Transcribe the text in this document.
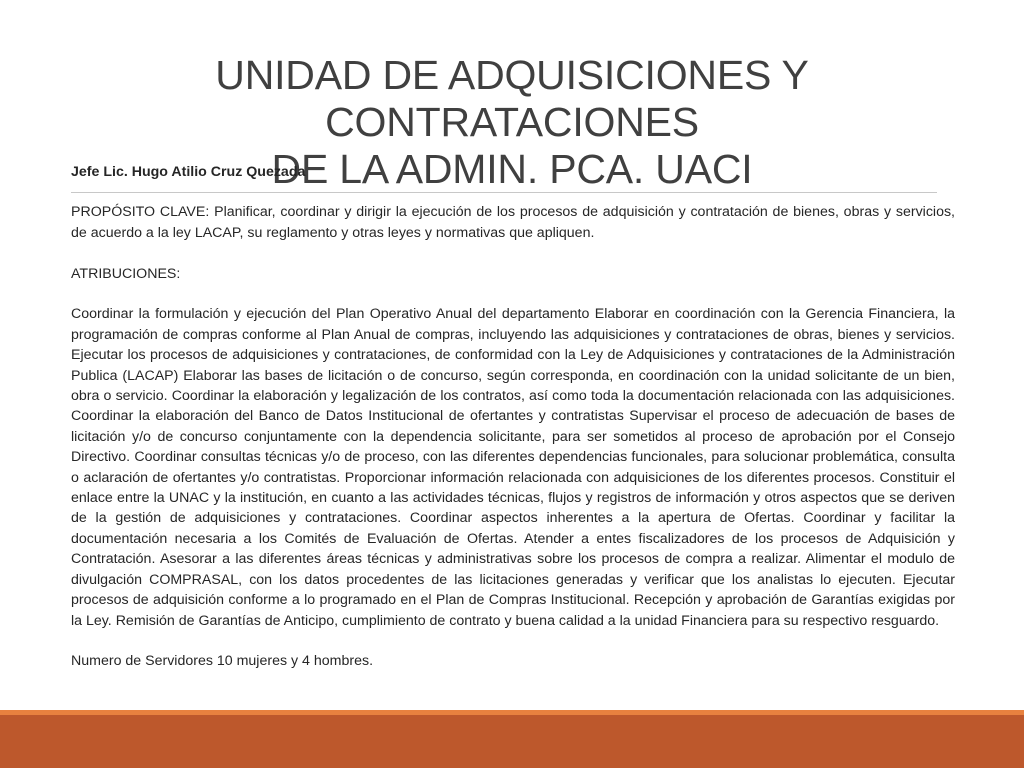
UNIDAD DE ADQUISICIONES Y CONTRATACIONES
DE LA ADMIN. PCA. UACI

Jefe Lic. Hugo Atilio Cruz Quezada

PROPÓSITO CLAVE: Planificar, coordinar y dirigir la ejecución de los procesos de adquisición y contratación de bienes, obras y servicios, de acuerdo a la ley LACAP, su reglamento y otras leyes y normativas que apliquen.

ATRIBUCIONES:

Coordinar la formulación y ejecución del Plan Operativo Anual del departamento Elaborar en coordinación con la Gerencia Financiera, la programación de compras conforme al Plan Anual de compras, incluyendo las adquisiciones y contrataciones de obras, bienes y servicios. Ejecutar los procesos de adquisiciones y contrataciones, de conformidad con la Ley de Adquisiciones y contrataciones de la Administración Publica (LACAP) Elaborar las bases de licitación o de concurso, según corresponda, en coordinación con la unidad solicitante de un bien, obra o servicio. Coordinar la elaboración y legalización de los contratos, así como toda la documentación relacionada con las adquisiciones. Coordinar la elaboración del Banco de Datos Institucional de ofertantes y contratistas Supervisar el proceso de adecuación de bases de licitación y/o de concurso conjuntamente con la dependencia solicitante, para ser sometidos al proceso de aprobación por el Consejo Directivo. Coordinar consultas técnicas y/o de proceso, con las diferentes dependencias funcionales, para solucionar problemática, consulta o aclaración de ofertantes y/o contratistas. Proporcionar información relacionada con adquisiciones de los diferentes procesos. Constituir el enlace entre la UNAC y la institución, en cuanto a las actividades técnicas, flujos y registros de información y otros aspectos que se deriven de la gestión de adquisiciones y contrataciones. Coordinar aspectos inherentes a la apertura de Ofertas. Coordinar y facilitar la documentación necesaria a los Comités de Evaluación de Ofertas. Atender a entes fiscalizadores de los procesos de Adquisición y Contratación. Asesorar a las diferentes áreas técnicas y administrativas sobre los procesos de compra a realizar. Alimentar el modulo de divulgación COMPRASAL, con los datos procedentes de las licitaciones generadas y verificar que los analistas lo ejecuten. Ejecutar procesos de adquisición conforme a lo programado en el Plan de Compras Institucional. Recepción y aprobación de Garantías exigidas por la Ley. Remisión de Garantías de Anticipo, cumplimiento de contrato y buena calidad a la unidad Financiera para su respectivo resguardo.

Numero de Servidores 10 mujeres y 4 hombres.
